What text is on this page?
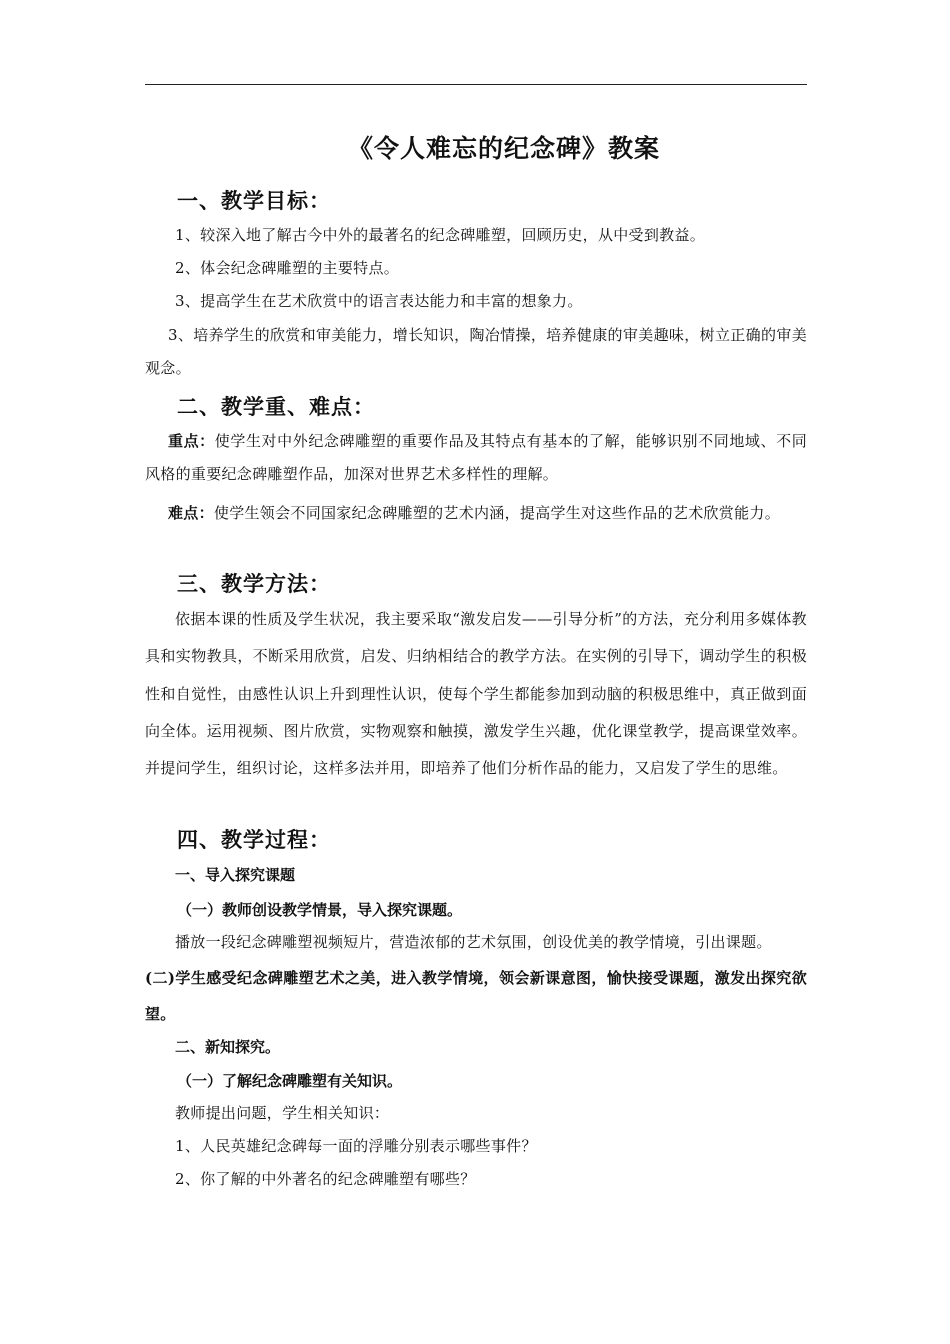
《令人难忘的纪念碑》教案
一、教学目标：
1、较深入地了解古今中外的最著名的纪念碑雕塑，回顾历史，从中受到教益。
2、体会纪念碑雕塑的主要特点。
3、提高学生在艺术欣赏中的语言表达能力和丰富的想象力。
3、培养学生的欣赏和审美能力，增长知识，陶冶情操，培养健康的审美趣味，树立正确的审美观念。
二、教学重、难点：
重点：使学生对中外纪念碑雕塑的重要作品及其特点有基本的了解，能够识别不同地域、不同风格的重要纪念碑雕塑作品，加深对世界艺术多样性的理解。
难点：使学生领会不同国家纪念碑雕塑的艺术内涵，提高学生对这些作品的艺术欣赏能力。
三、教学方法：
依据本课的性质及学生状况，我主要采取“激发启发——引导分析”的方法，充分利用多媒体教具和实物教具，不断采用欣赏，启发、归纳相结合的教学方法。在实例的引导下，调动学生的积极性和自觉性，由感性认识上升到理性认识，使每个学生都能参加到动脑的积极思维中，真正做到面向全体。运用视频、图片欣赏，实物观察和触摸，激发学生兴趣，优化课堂教学，提高课堂效率。并提问学生，组织讨论，这样多法并用，即培养了他们分析作品的能力，又启发了学生的思维。
四、教学过程：
一、导入探究课题
（一）教师创设教学情景，导入探究课题。
播放一段纪念碑雕塑视频短片，营造浓郁的艺术氛围，创设优美的教学情境，引出课题。
(二)学生感受纪念碑雕塑艺术之美，进入教学情境，领会新课意图，愉快接受课题，激发出探究欲望。
二、新知探究。
（一）了解纪念碑雕塑有关知识。
教师提出问题，学生相关知识：
1、人民英雄纪念碑每一面的浮雕分别表示哪些事件？
2、你了解的中外著名的纪念碑雕塑有哪些？
